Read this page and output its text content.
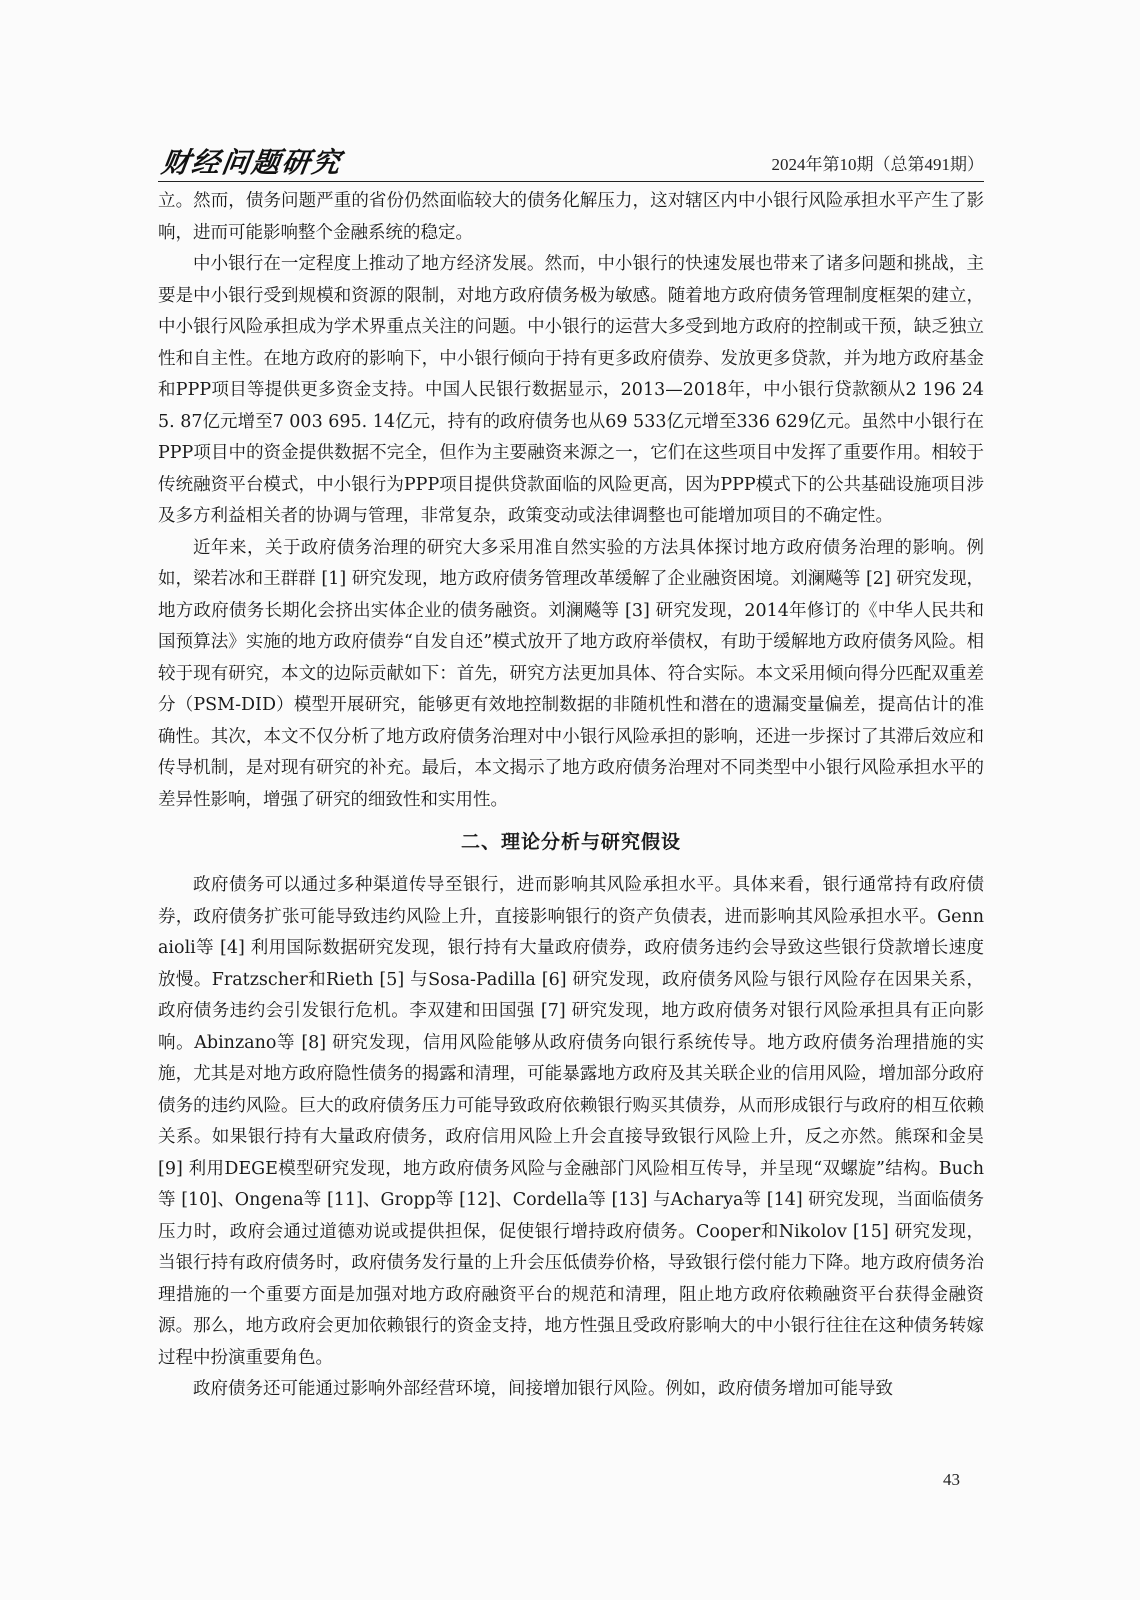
财经问题研究	2024年第10期（总第491期）

立。然而，债务问题严重的省份仍然面临较大的债务化解压力，这对辖区内中小银行风险承担水平产生了影响，进而可能影响整个金融系统的稳定。

中小银行在一定程度上推动了地方经济发展。然而，中小银行的快速发展也带来了诸多问题和挑战，主要是中小银行受到规模和资源的限制，对地方政府债务极为敏感。随着地方政府债务管理制度框架的建立，中小银行风险承担成为学术界重点关注的问题。中小银行的运营大多受到地方政府的控制或干预，缺乏独立性和自主性。在地方政府的影响下，中小银行倾向于持有更多政府债券、发放更多贷款，并为地方政府基金和PPP项目等提供更多资金支持。中国人民银行数据显示，2013—2018年，中小银行贷款额从2 196 245. 87亿元增至7 003 695. 14亿元，持有的政府债务也从69 533亿元增至336 629亿元。虽然中小银行在PPP项目中的资金提供数据不完全，但作为主要融资来源之一，它们在这些项目中发挥了重要作用。相较于传统融资平台模式，中小银行为PPP项目提供贷款面临的风险更高，因为PPP模式下的公共基础设施项目涉及多方利益相关者的协调与管理，非常复杂，政策变动或法律调整也可能增加项目的不确定性。

近年来，关于政府债务治理的研究大多采用准自然实验的方法具体探讨地方政府债务治理的影响。例如，梁若冰和王群群 [1] 研究发现，地方政府债务管理改革缓解了企业融资困境。刘澜飚等 [2] 研究发现，地方政府债务长期化会挤出实体企业的债务融资。刘澜飚等 [3] 研究发现，2014年修订的《中华人民共和国预算法》实施的地方政府债券“自发自还”模式放开了地方政府举债权，有助于缓解地方政府债务风险。相较于现有研究，本文的边际贡献如下：首先，研究方法更加具体、符合实际。本文采用倾向得分匹配双重差分（PSM-DID）模型开展研究，能够更有效地控制数据的非随机性和潜在的遗漏变量偏差，提高估计的准确性。其次，本文不仅分析了地方政府债务治理对中小银行风险承担的影响，还进一步探讨了其滞后效应和传导机制，是对现有研究的补充。最后，本文揭示了地方政府债务治理对不同类型中小银行风险承担水平的差异性影响，增强了研究的细致性和实用性。

二、理论分析与研究假设

政府债务可以通过多种渠道传导至银行，进而影响其风险承担水平。具体来看，银行通常持有政府债券，政府债务扩张可能导致违约风险上升，直接影响银行的资产负债表，进而影响其风险承担水平。Gennaioli等 [4] 利用国际数据研究发现，银行持有大量政府债券，政府债务违约会导致这些银行贷款增长速度放慢。Fratzscher和Rieth [5] 与Sosa-Padilla [6] 研究发现，政府债务风险与银行风险存在因果关系，政府债务违约会引发银行危机。李双建和田国强 [7] 研究发现，地方政府债务对银行风险承担具有正向影响。Abinzano等 [8] 研究发现，信用风险能够从政府债务向银行系统传导。地方政府债务治理措施的实施，尤其是对地方政府隐性债务的揭露和清理，可能暴露地方政府及其关联企业的信用风险，增加部分政府债务的违约风险。巨大的政府债务压力可能导致政府依赖银行购买其债券，从而形成银行与政府的相互依赖关系。如果银行持有大量政府债务，政府信用风险上升会直接导致银行风险上升，反之亦然。熊琛和金昊 [9] 利用DEGE模型研究发现，地方政府债务风险与金融部门风险相互传导，并呈现“双螺旋”结构。Buch等 [10]、Ongena等 [11]、Gropp等 [12]、Cordella等 [13] 与Acharya等 [14] 研究发现，当面临债务压力时，政府会通过道德劝说或提供担保，促使银行增持政府债务。Cooper和Nikolov [15] 研究发现，当银行持有政府债务时，政府债务发行量的上升会压低债券价格，导致银行偿付能力下降。地方政府债务治理措施的一个重要方面是加强对地方政府融资平台的规范和清理，阻止地方政府依赖融资平台获得金融资源。那么，地方政府会更加依赖银行的资金支持，地方性强且受政府影响大的中小银行往往在这种债务转嫁过程中扮演重要角色。

政府债务还可能通过影响外部经营环境，间接增加银行风险。例如，政府债务增加可能导致

43
